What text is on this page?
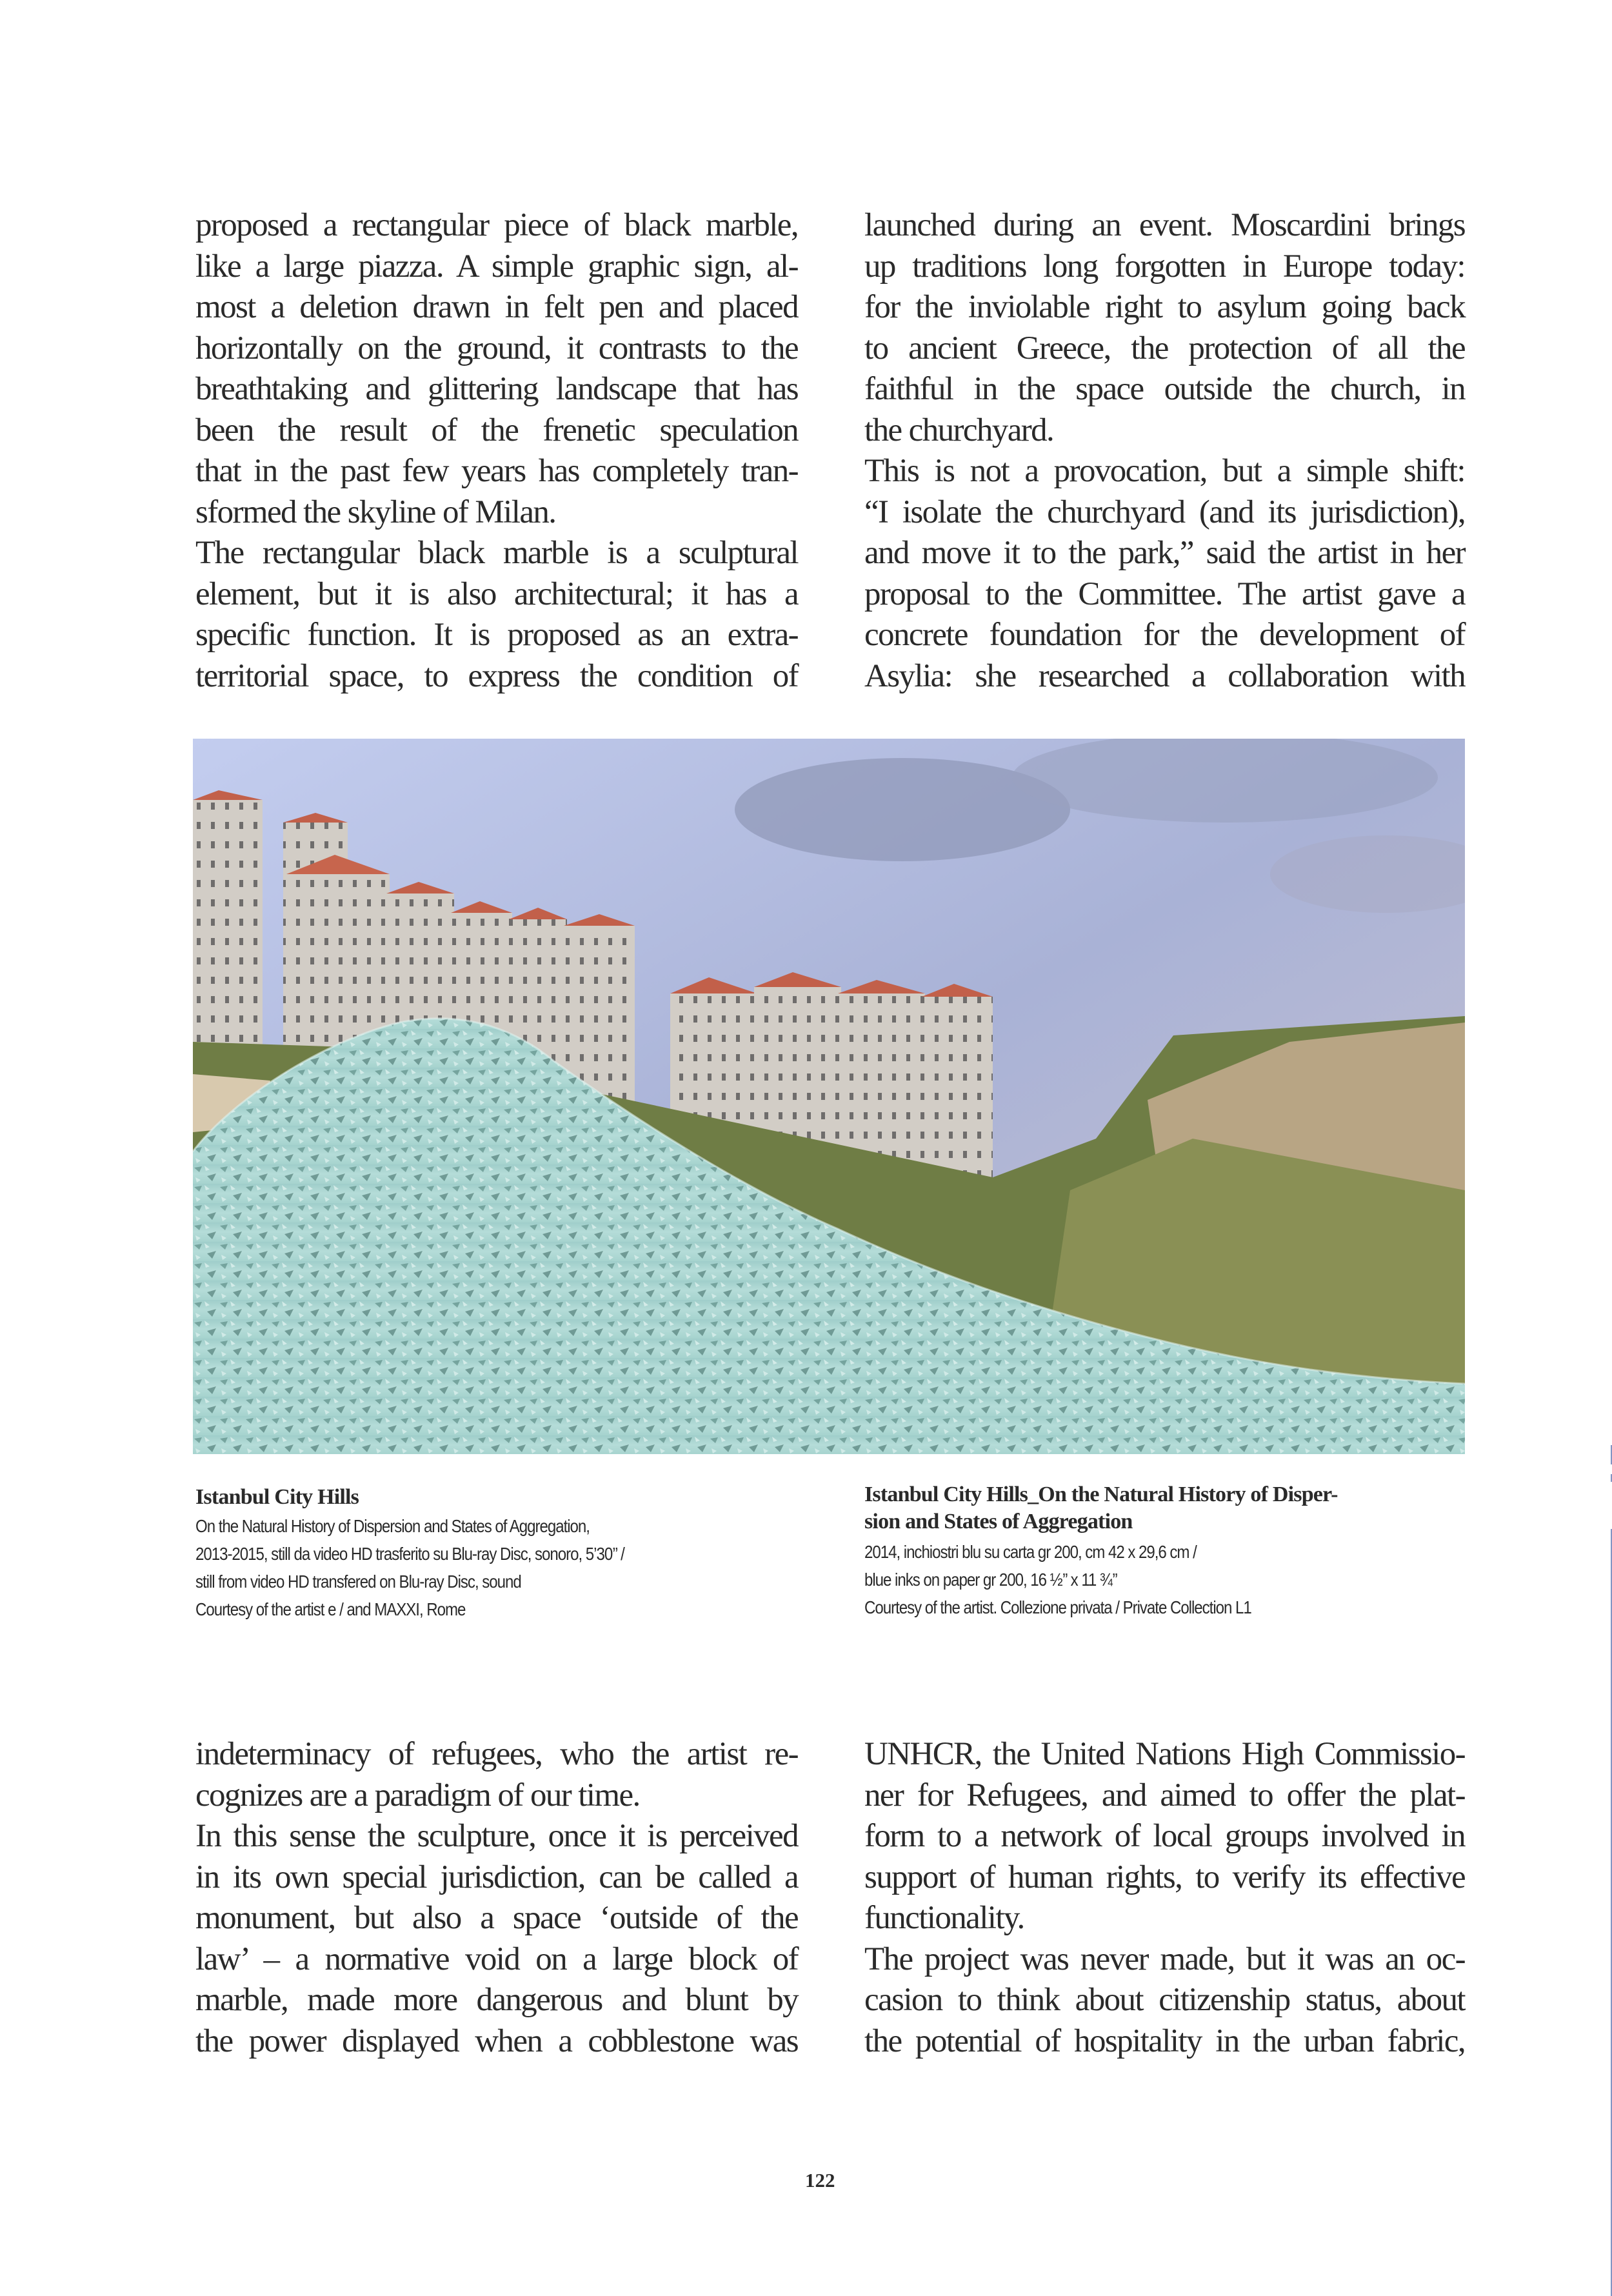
proposed a rectangular piece of black marble,
like a large piazza. A simple graphic sign, al-
most a deletion drawn in felt pen and placed
horizontally on the ground, it contrasts to the
breathtaking and glittering landscape that has
been the result of the frenetic speculation
that in the past few years has completely tran-
sformed the skyline of Milan.
The rectangular black marble is a sculptural
element, but it is also architectural; it has a
specific function. It is proposed as an extra-
territorial space, to express the condition of
launched during an event. Moscardini brings
up traditions long forgotten in Europe today:
for the inviolable right to asylum going back
to ancient Greece, the protection of all the
faithful in the space outside the church, in
the churchyard.
This is not a provocation, but a simple shift:
“I isolate the churchyard (and its jurisdiction),
and move it to the park,” said the artist in her
proposal to the Committee. The artist gave a
concrete foundation for the development of
Asylia: she researched a collaboration with
Istanbul City Hills
On the Natural History of Dispersion and States of Aggregation,
2013-2015, still da video HD trasferito su Blu-ray Disc, sonoro, 5’30’’ /
still from video HD transfered on Blu-ray Disc, sound
Courtesy of the artist e / and MAXXI, Rome
Istanbul City Hills_On the Natural History of Disper-
sion and States of Aggregation
2014, inchiostri blu su carta gr 200, cm 42 x 29,6 cm /
blue inks on paper gr 200, 16 ½’’ x 11 ¾’’
Courtesy of the artist. Collezione privata / Private Collection L1
indeterminacy of refugees, who the artist re-
cognizes are a paradigm of our time.
In this sense the sculpture, once it is perceived
in its own special jurisdiction, can be called a
monument, but also a space ‘outside of the
law’ – a normative void on a large block of
marble, made more dangerous and blunt by
the power displayed when a cobblestone was
UNHCR, the United Nations High Commissio-
ner for Refugees, and aimed to offer the plat-
form to a network of local groups involved in
support of human rights, to verify its effective
functionality.
The project was never made, but it was an oc-
casion to think about citizenship status, about
the potential of hospitality in the urban fabric,
122
